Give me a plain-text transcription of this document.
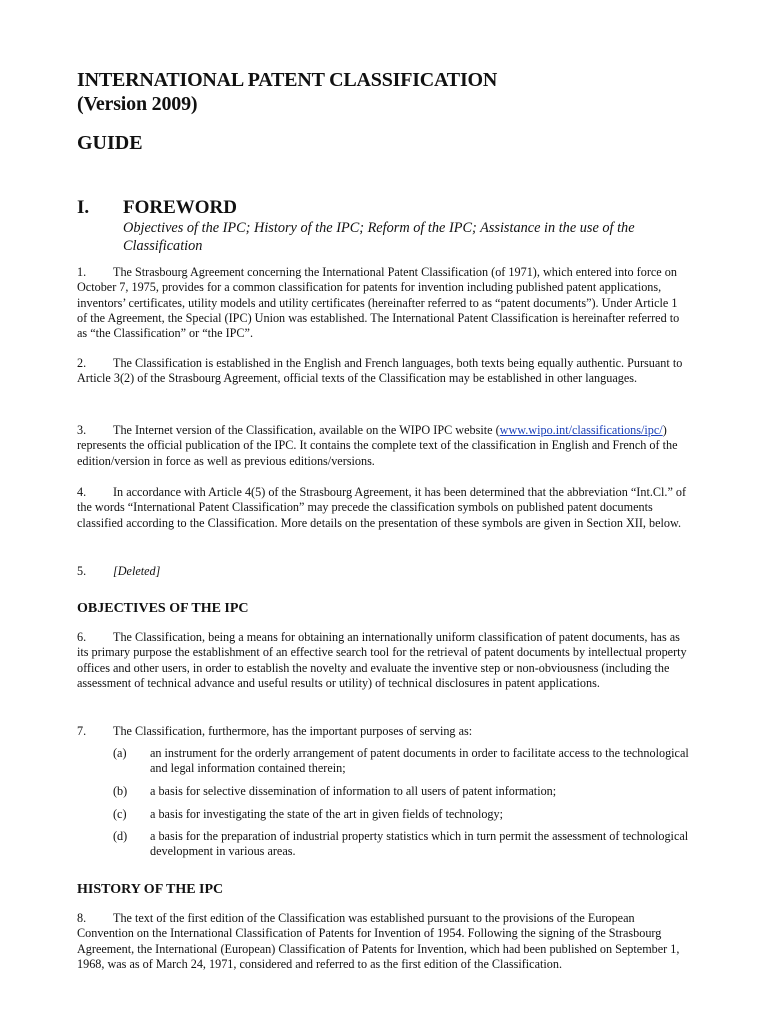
INTERNATIONAL PATENT CLASSIFICATION
(Version 2009)
GUIDE
I.	FOREWORD
Objectives of the IPC; History of the IPC; Reform of the IPC; Assistance in the use of the Classification
1. The Strasbourg Agreement concerning the International Patent Classification (of 1971), which entered into force on October 7, 1975, provides for a common classification for patents for invention including published patent applications, inventors’ certificates, utility models and utility certificates (hereinafter referred to as “patent documents”). Under Article 1 of the Agreement, the Special (IPC) Union was established. The International Patent Classification is hereinafter referred to as “the Classification” or “the IPC”.
2. The Classification is established in the English and French languages, both texts being equally authentic. Pursuant to Article 3(2) of the Strasbourg Agreement, official texts of the Classification may be established in other languages.
3. The Internet version of the Classification, available on the WIPO IPC website (www.wipo.int/classifications/ipc/) represents the official publication of the IPC. It contains the complete text of the classification in English and French of the edition/version in force as well as previous editions/versions.
4. In accordance with Article 4(5) of the Strasbourg Agreement, it has been determined that the abbreviation “Int.Cl.” of the words “International Patent Classification” may precede the classification symbols on published patent documents classified according to the Classification. More details on the presentation of these symbols are given in Section XII, below.
5. [Deleted]
OBJECTIVES OF THE IPC
6. The Classification, being a means for obtaining an internationally uniform classification of patent documents, has as its primary purpose the establishment of an effective search tool for the retrieval of patent documents by intellectual property offices and other users, in order to establish the novelty and evaluate the inventive step or non-obviousness (including the assessment of technical advance and useful results or utility) of technical disclosures in patent applications.
7. The Classification, furthermore, has the important purposes of serving as:
(a)	an instrument for the orderly arrangement of patent documents in order to facilitate access to the technological and legal information contained therein;
(b)	a basis for selective dissemination of information to all users of patent information;
(c)	a basis for investigating the state of the art in given fields of technology;
(d)	a basis for the preparation of industrial property statistics which in turn permit the assessment of technological development in various areas.
HISTORY OF THE IPC
8. The text of the first edition of the Classification was established pursuant to the provisions of the European Convention on the International Classification of Patents for Invention of 1954. Following the signing of the Strasbourg Agreement, the International (European) Classification of Patents for Invention, which had been published on September 1, 1968, was as of March 24, 1971, considered and referred to as the first edition of the Classification.
